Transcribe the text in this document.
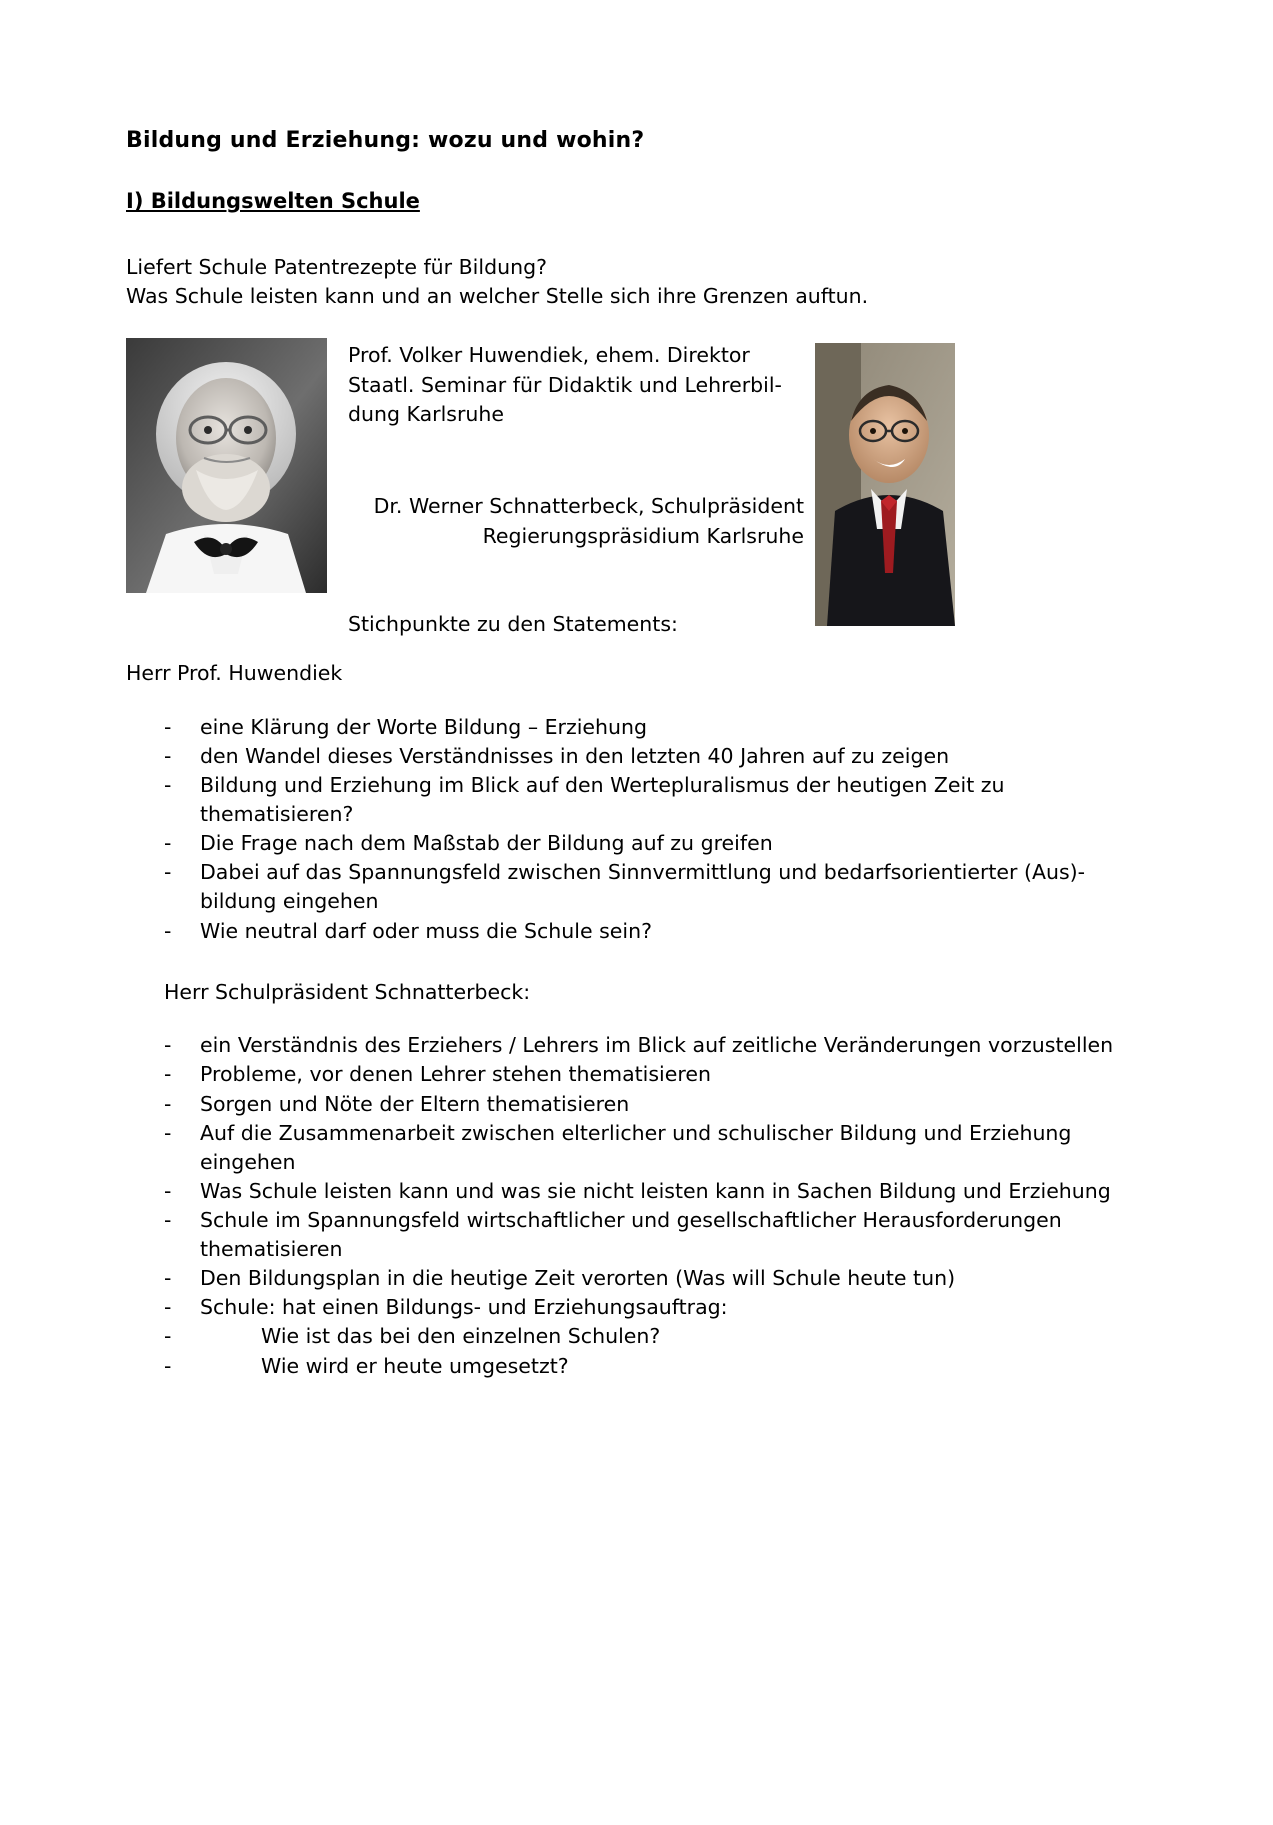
Bildung und Erziehung: wozu und wohin?
I) Bildungswelten Schule

Liefert Schule Patentrezepte für Bildung?

Was Schule leisten kann und an welcher Stelle sich ihre Grenzen auftun.

Prof. Volker Huwendiek, ehem. Direktor
Staatl. Seminar für Didaktik und Lehrerbil-
dung Karlsruhe

Dr. Werner Schnatterbeck, Schulpräsident
Regierungspräsidium Karlsruhe

Stichpunkte zu den Statements:

Herr Prof. Huwendiek

- eine Klärung der Worte Bildung – Erziehung
- den Wandel dieses Verständnisses in den letzten 40 Jahren auf zu zeigen
- Bildung und Erziehung im Blick auf den Wertepluralismus der heutigen Zeit zu thematisieren?
- Die Frage nach dem Maßstab der Bildung auf zu greifen
- Dabei auf das Spannungsfeld zwischen Sinnvermittlung und bedarfsorientierter (Aus)-bildung eingehen
- Wie neutral darf oder muss die Schule sein?

Herr Schulpräsident Schnatterbeck:

- ein Verständnis des Erziehers / Lehrers im Blick auf zeitliche Veränderungen vorzustellen
- Probleme, vor denen Lehrer stehen thematisieren
- Sorgen und Nöte der Eltern thematisieren
- Auf die Zusammenarbeit zwischen elterlicher und schulischer Bildung und Erziehung eingehen
- Was Schule leisten kann und was sie nicht leisten kann in Sachen Bildung und Erziehung
- Schule im Spannungsfeld wirtschaftlicher und gesellschaftlicher Herausforderungen thematisieren
- Den Bildungsplan in die heutige Zeit verorten (Was will Schule heute tun)
- Schule: hat einen Bildungs- und Erziehungsauftrag:
-	Wie ist das bei den einzelnen Schulen?
-	Wie wird er heute umgesetzt?
